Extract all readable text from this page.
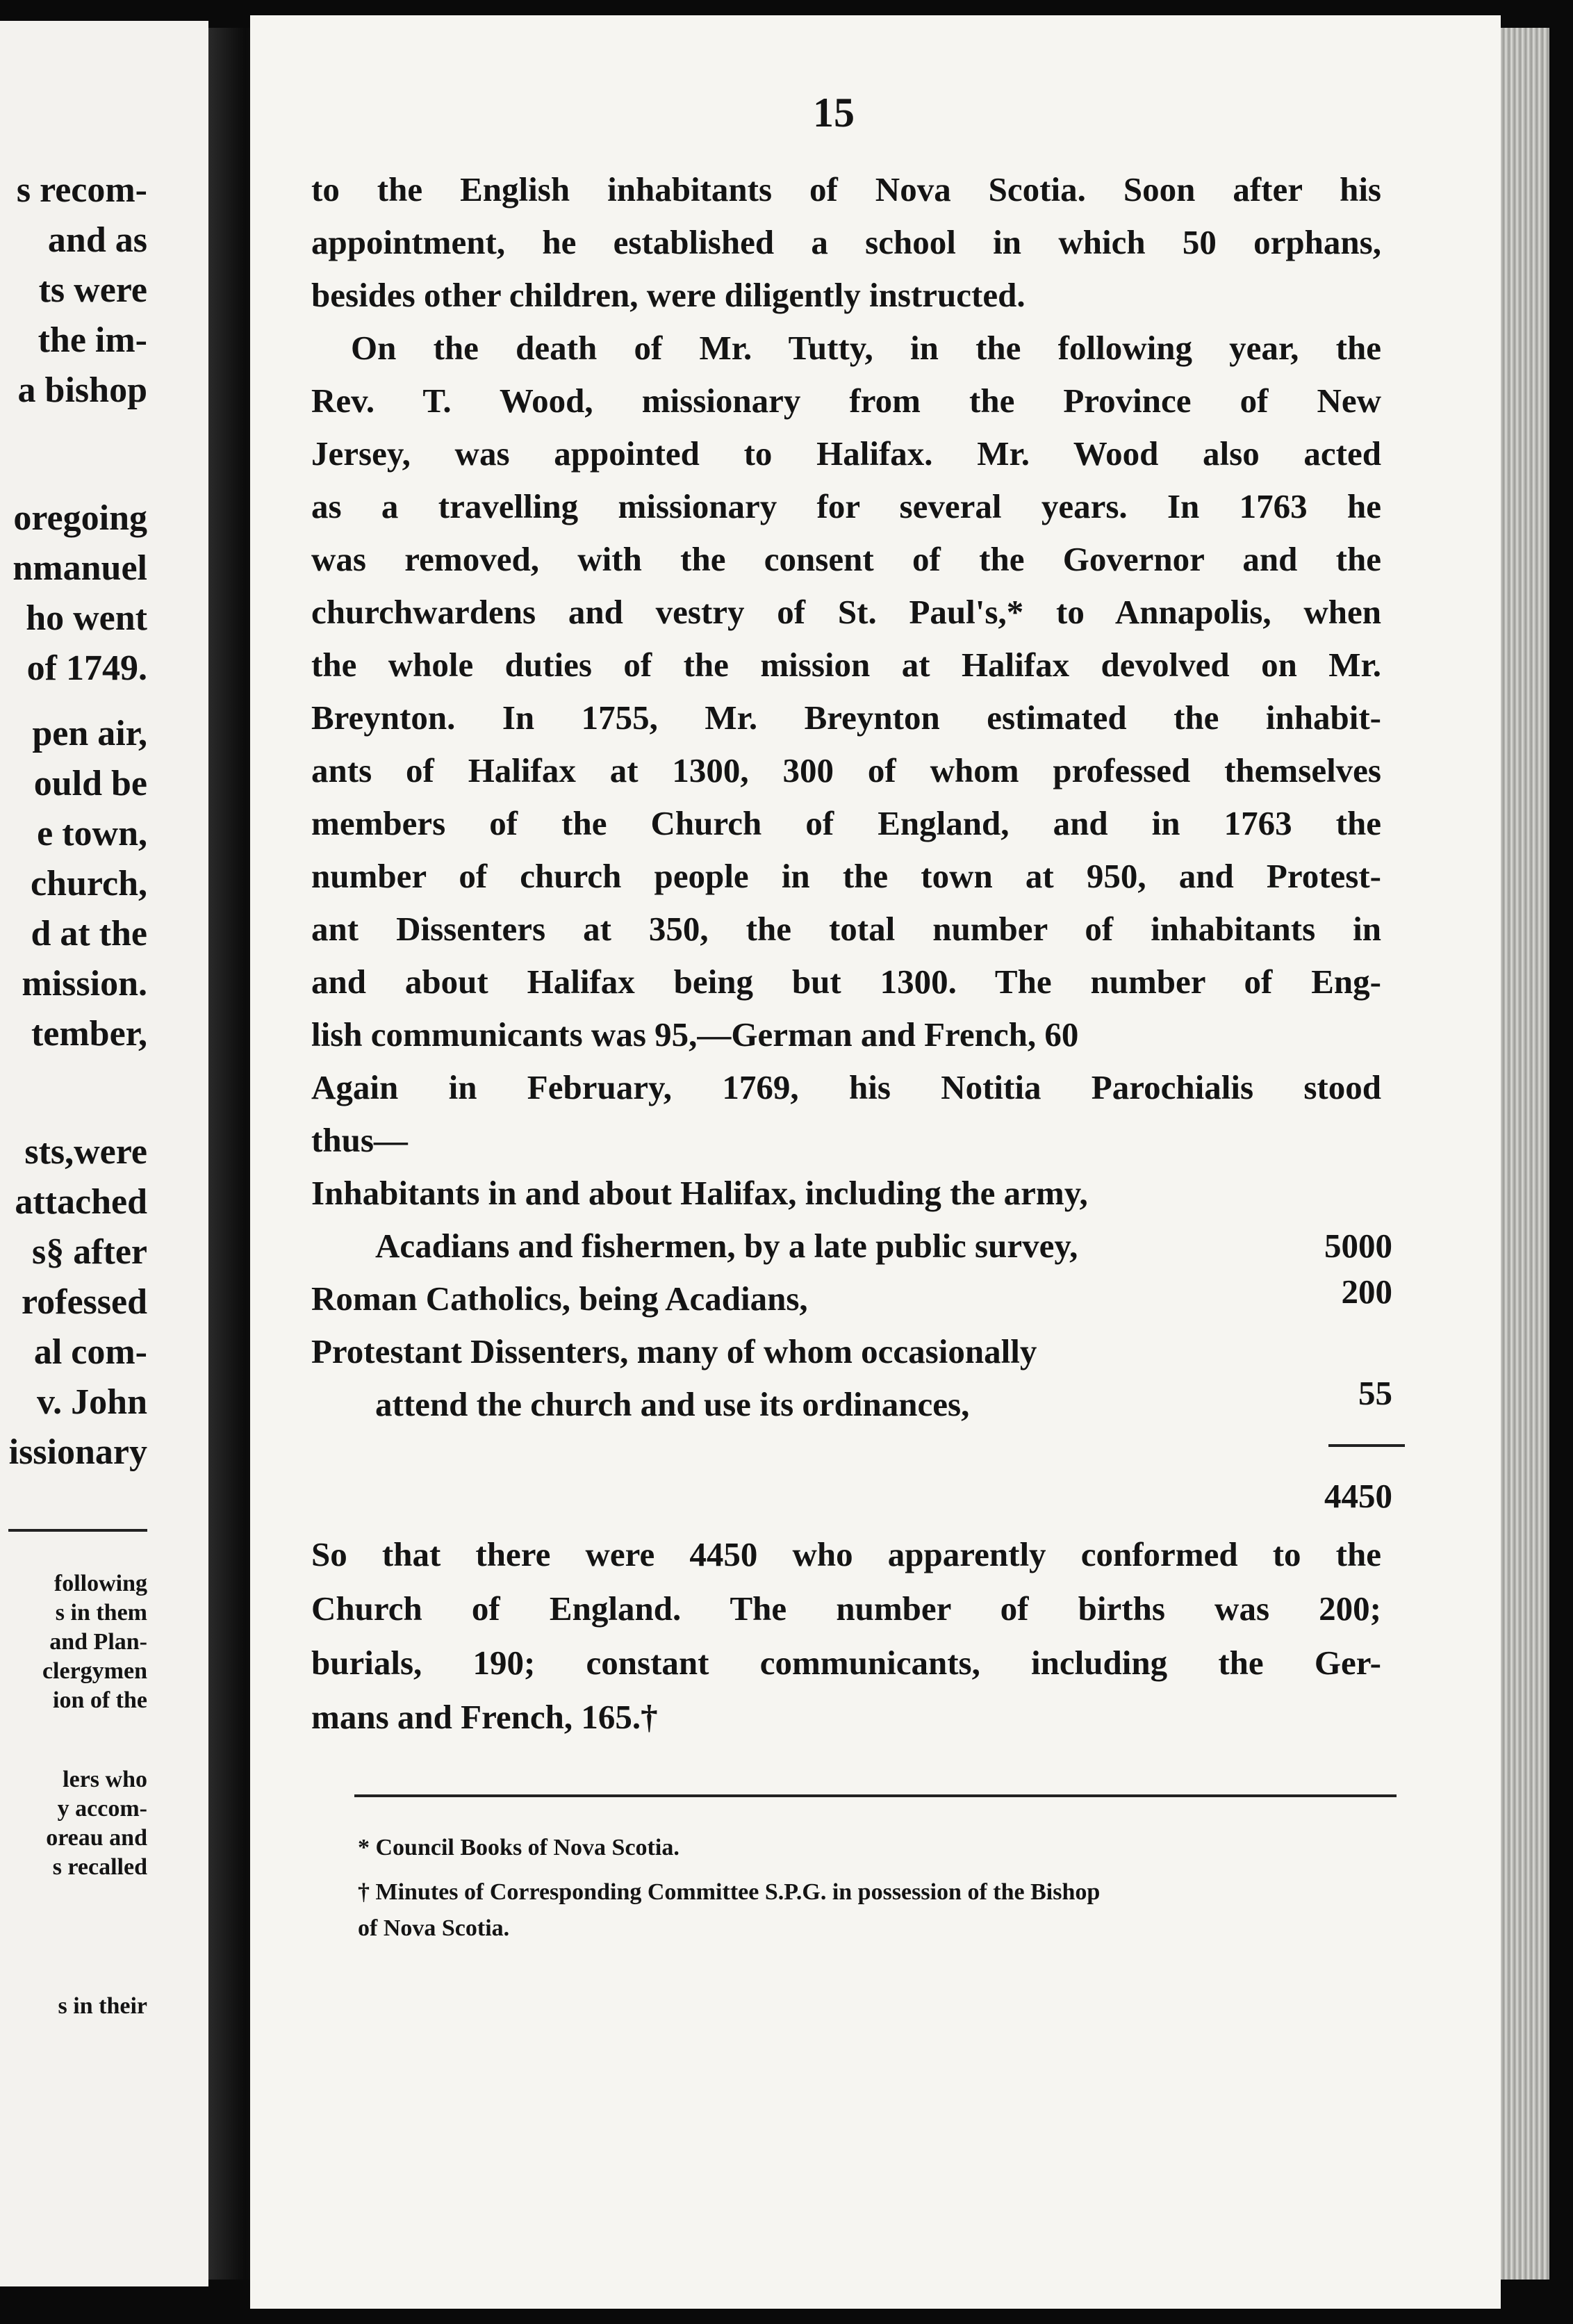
s recom-
and as
ts were
the im-
a bishop
oregoing
nmanuel
ho went
of 1749.
pen air,
ould be
e town,
church,
d at the
mission.
tember,
sts,were
attached
s§ after
rofessed
al com-
v. John
issionary
following
s in them
and Plan-
clergymen
ion of the
lers who
y accom-
oreau and
s recalled
s in their
15
to the English inhabitants of Nova Scotia. Soon after his
appointment, he established a school in which 50 orphans,
besides other children, were diligently instructed.
On the death of Mr. Tutty, in the following year, the
Rev. T. Wood, missionary from the Province of New
Jersey, was appointed to Halifax. Mr. Wood also acted
as a travelling missionary for several years. In 1763 he
was removed, with the consent of the Governor and the
churchwardens and vestry of St. Paul's,* to Annapolis, when
the whole duties of the mission at Halifax devolved on Mr.
Breynton. In 1755, Mr. Breynton estimated the inhabit-
ants of Halifax at 1300, 300 of whom professed themselves
members of the Church of England, and in 1763 the
number of church people in the town at 950, and Protest-
ant Dissenters at 350, the total number of inhabitants in
and about Halifax being but 1300. The number of Eng-
lish communicants was 95,—German and French, 60
Again in February, 1769, his Notitia Parochialis stood
thus—
Inhabitants in and about Halifax, including the army,
Acadians and fishermen, by a late public survey,	5000
Roman Catholics, being Acadians,	200
Protestant Dissenters, many of whom occasionally
attend the church and use its ordinances,	55
4450
So that there were 4450 who apparently conformed to the
Church of England. The number of births was 200;
burials, 190; constant communicants, including the Ger-
mans and French, 165.†
* Council Books of Nova Scotia.
† Minutes of Corresponding Committee S.P.G. in possession of the Bishop
of Nova Scotia.
